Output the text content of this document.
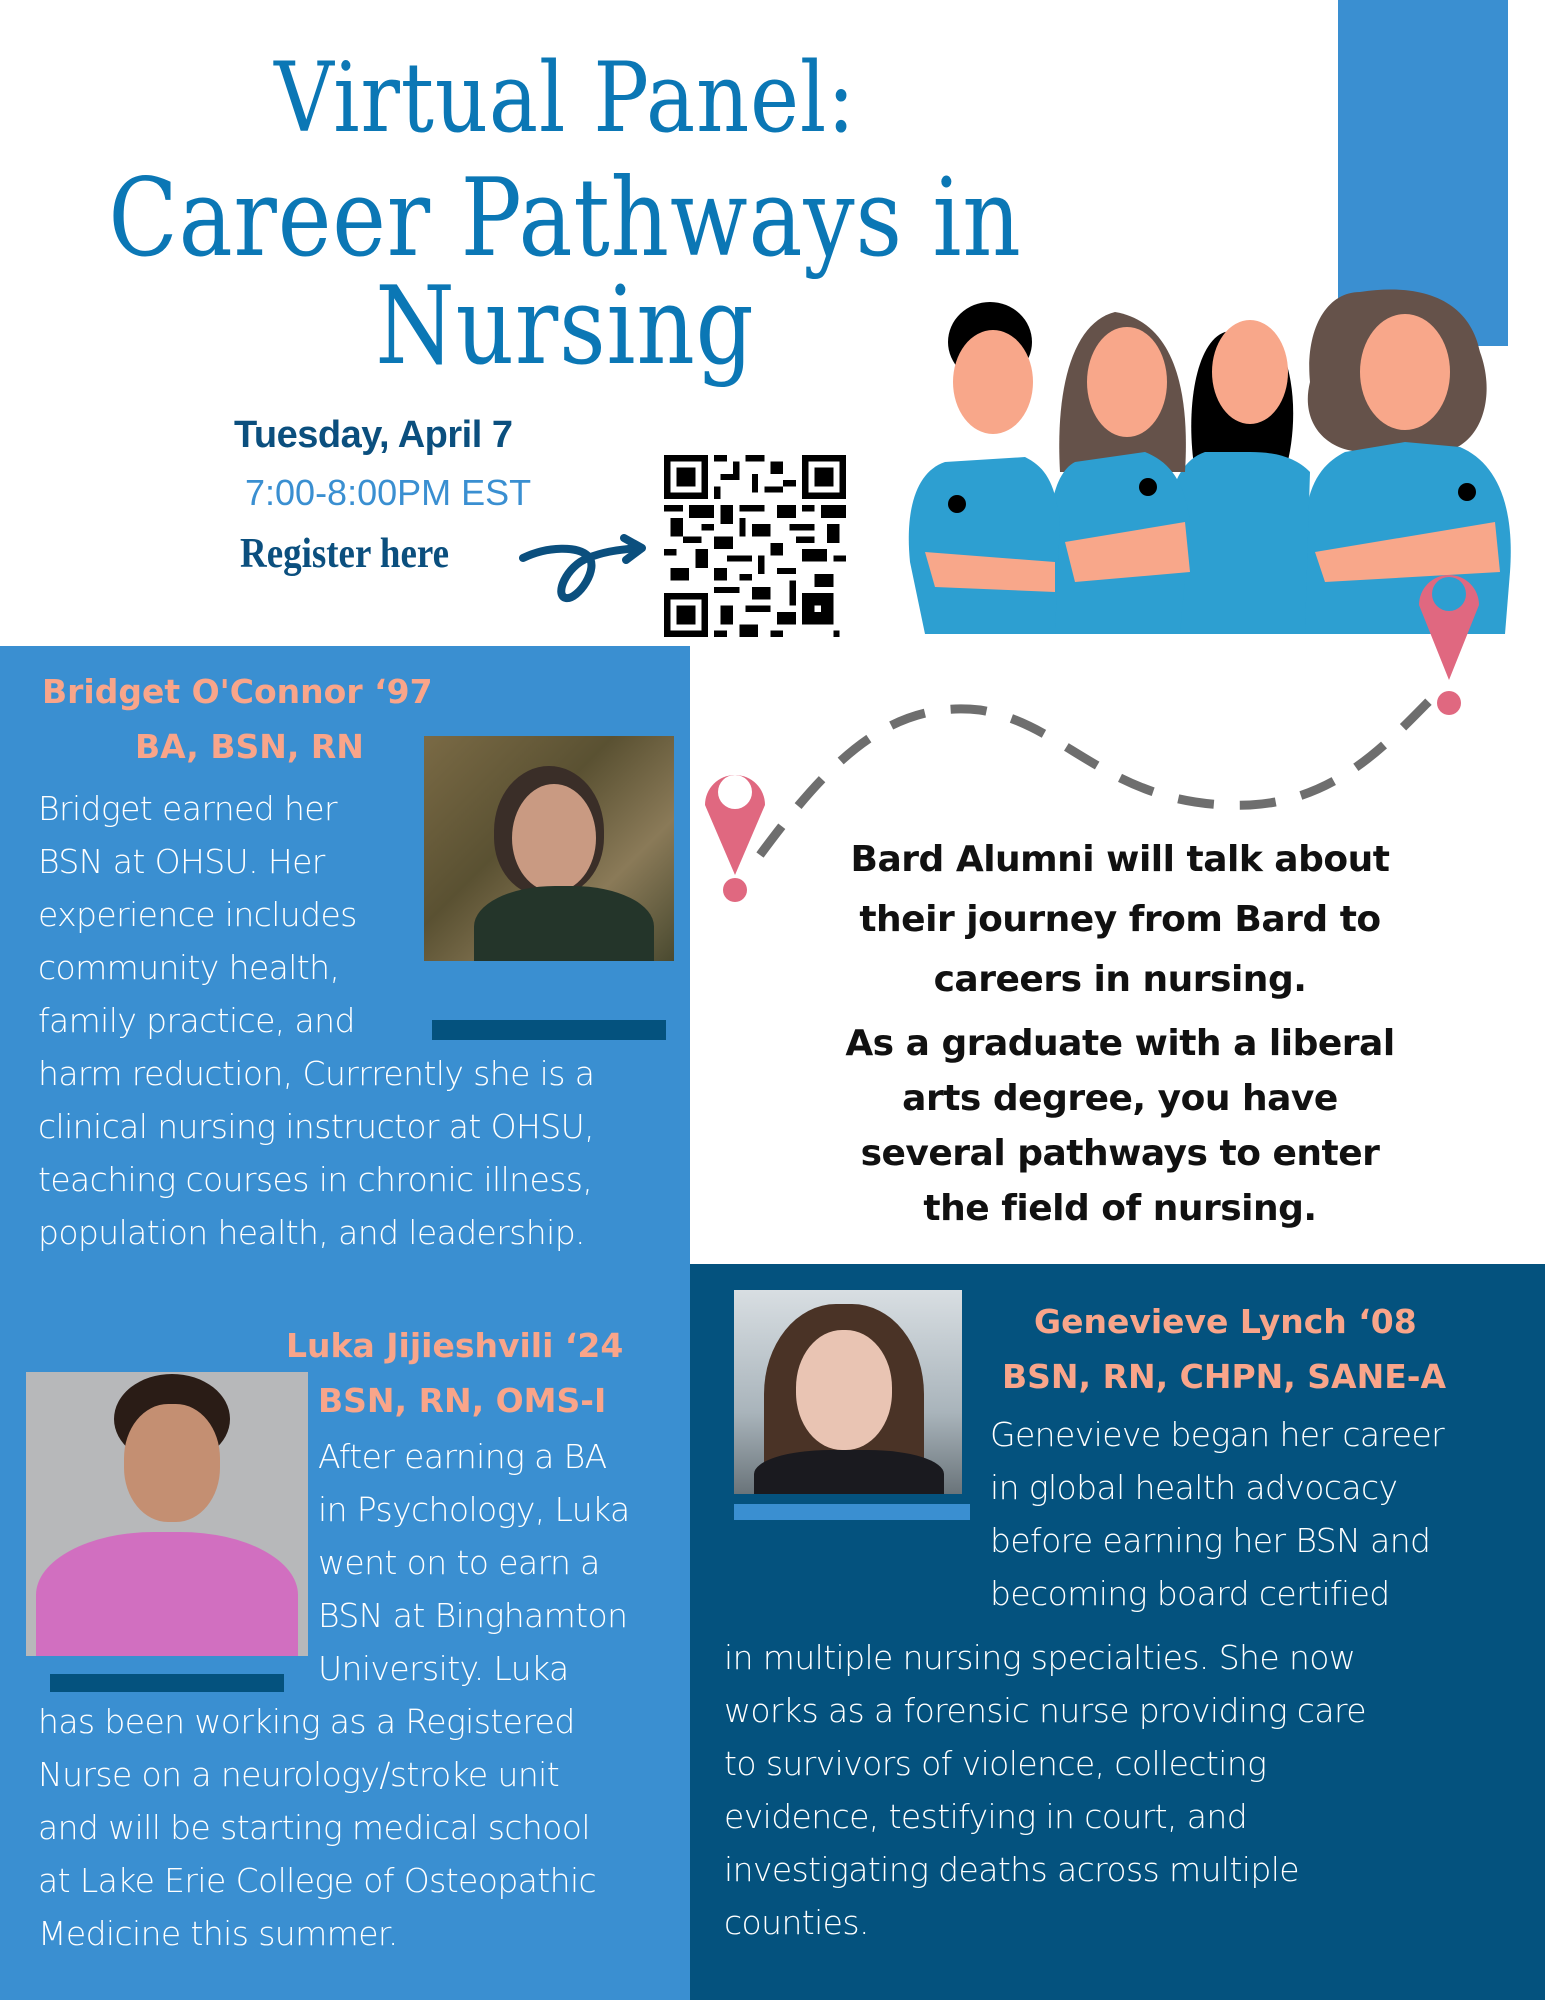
Virtual Panel:
Career Pathways in
Nursing
Tuesday, April 7
7:00-8:00PM EST
Register here
Bridget O'Connor ‘97
BA, BSN, RN
Bridget earned her
BSN at OHSU. Her
experience includes
community health,
family practice, and
harm reduction, Currrently she is a
clinical nursing instructor at OHSU,
teaching courses in chronic illness,
population health, and leadership.
Luka Jijieshvili ‘24
BSN, RN, OMS-I
After earning a BA
in Psychology, Luka
went on to earn a
BSN at Binghamton
University. Luka
has been working as a Registered
Nurse on a neurology/stroke unit
and will be starting medical school
at Lake Erie College of Osteopathic
Medicine this summer.
Bard Alumni will talk about
their journey from Bard to
careers in nursing.
As a graduate with a liberal
arts degree, you have
several pathways to enter
the field of nursing.
Genevieve Lynch ‘08
BSN, RN, CHPN, SANE-A
Genevieve began her career
in global health advocacy
before earning her BSN and
becoming board certified
in multiple nursing specialties. She now
works as a forensic nurse providing care
to survivors of violence, collecting
evidence, testifying in court, and
investigating deaths across multiple
counties.
